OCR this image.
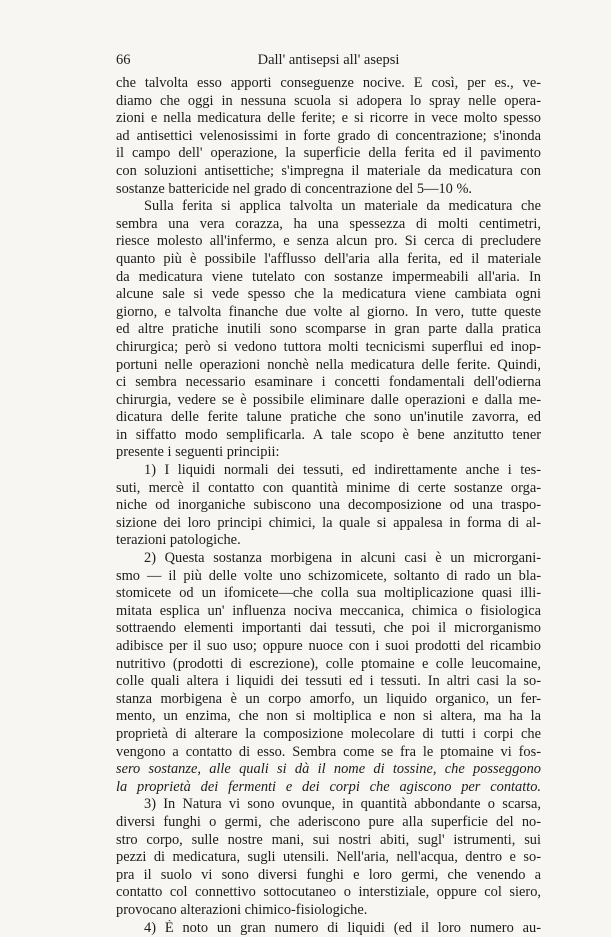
66	Dall' antisepsi all' asepsi
che talvolta esso apporti conseguenze nocive. E così, per es., ve-
diamo che oggi in nessuna scuola si adopera lo spray nelle opera-
zioni e nella medicatura delle ferite; e si ricorre in vece molto spesso
ad antisettici velenosissimi in forte grado di concentrazione; s'inonda
il campo dell' operazione, la superficie della ferita ed il pavimento
con soluzioni antisettiche; s'impregna il materiale da medicatura con
sostanze battericide nel grado di concentrazione del 5—10 %.
Sulla ferita si applica talvolta un materiale da medicatura che
sembra una vera corazza, ha una spessezza di molti centimetri,
riesce molesto all'infermo, e senza alcun pro. Si cerca di precludere
quanto più è possibile l'afflusso dell'aria alla ferita, ed il materiale
da medicatura viene tutelato con sostanze impermeabili all'aria. In
alcune sale si vede spesso che la medicatura viene cambiata ogni
giorno, e talvolta finanche due volte al giorno. In vero, tutte queste
ed altre pratiche inutili sono scomparse in gran parte dalla pratica
chirurgica; però si vedono tuttora molti tecnicismi superflui ed inop-
portuni nelle operazioni nonchè nella medicatura delle ferite. Quindi,
ci sembra necessario esaminare i concetti fondamentali dell'odierna
chirurgia, vedere se è possibile eliminare dalle operazioni e dalla me-
dicatura delle ferite talune pratiche che sono un'inutile zavorra, ed
in siffatto modo semplificarla. A tale scopo è bene anzitutto tener
presente i seguenti principii:
1) I liquidi normali dei tessuti, ed indirettamente anche i tes-
suti, mercè il contatto con quantità minime di certe sostanze orga-
niche od inorganiche subiscono una decomposizione od una traspo-
sizione dei loro principi chimici, la quale si appalesa in forma di al-
terazioni patologiche.
2) Questa sostanza morbigena in alcuni casi è un microrgani-
smo — il più delle volte uno schizomicete, soltanto di rado un bla-
stomicete od un ifomicete—che colla sua moltiplicazione quasi illi-
mitata esplica un' influenza nociva meccanica, chimica o fisiologica
sottraendo elementi importanti dai tessuti, che poi il microrganismo
adibisce per il suo uso; oppure nuoce con i suoi prodotti del ricambio
nutritivo (prodotti di escrezione), colle ptomaine e colle leucomaine,
colle quali altera i liquidi dei tessuti ed i tessuti. In altri casi la so-
stanza morbigena è un corpo amorfo, un liquido organico, un fer-
mento, un enzima, che non si moltiplica e non si altera, ma ha la
proprietà di alterare la composizione molecolare di tutti i corpi che
vengono a contatto di esso. Sembra come se fra le ptomaine vi fos-
sero sostanze, alle quali si dà il nome di tossine, che posseggono
la proprietà dei fermenti e dei corpi che agiscono per contatto.
3) In Natura vi sono ovunque, in quantità abbondante o scarsa,
diversi funghi o germi, che aderiscono pure alla superficie del no-
stro corpo, sulle nostre mani, sui nostri abiti, sugl' istrumenti, sui
pezzi di medicatura, sugli utensili. Nell'aria, nell'acqua, dentro e so-
pra il suolo vi sono diversi funghi e loro germi, che venendo a
contatto col connettivo sottocutaneo o interstiziale, oppure col siero,
provocano alterazioni chimico-fisiologiche.
4) È noto un gran numero di liquidi (ed il loro numero au-
